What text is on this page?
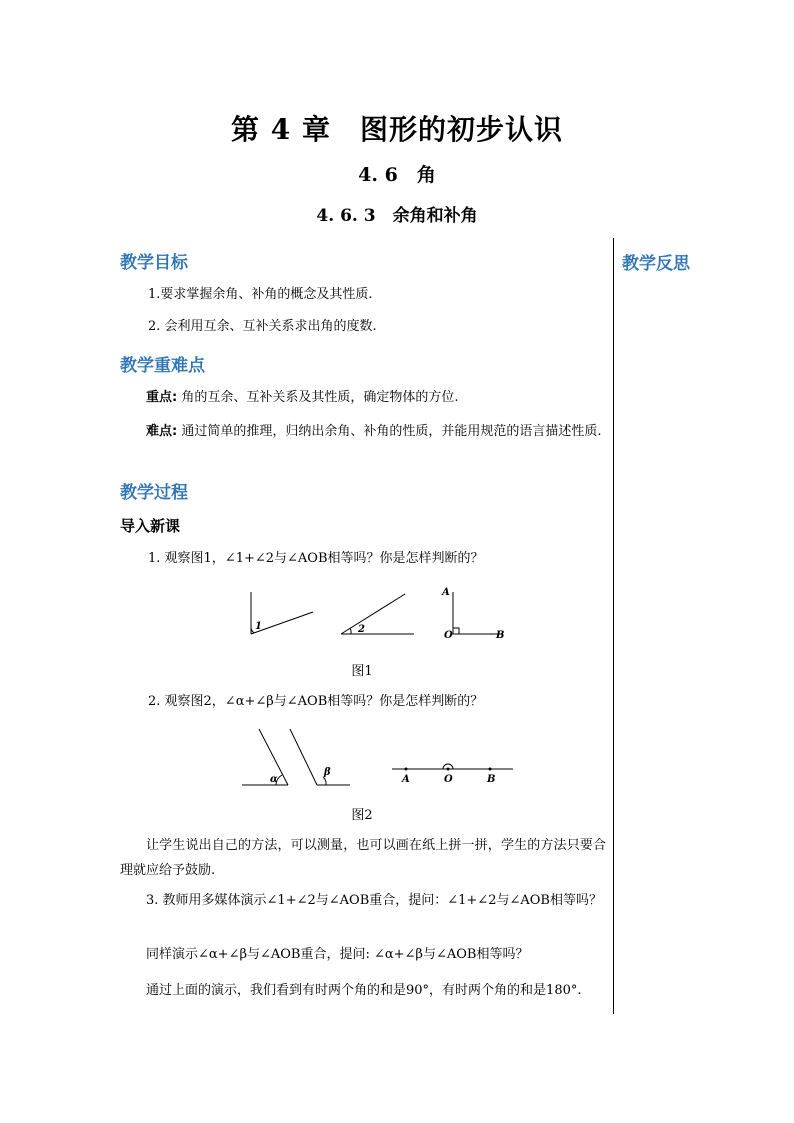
第 4 章　图形的初步认识
4. 6　角
4. 6. 3　余角和补角
教学反思
教学目标
1.要求掌握余角、补角的概念及其性质.
2. 会利用互余、互补关系求出角的度数.
教学重难点
重点: 角的互余、互补关系及其性质，确定物体的方位.
难点: 通过简单的推理，归纳出余角、补角的性质，并能用规范的语言描述性质.
教学过程
导入新课
1. 观察图1，∠1+∠2与∠AOB相等吗？你是怎样判断的？
1	2
A
O	B
图1
2. 观察图2，∠α+∠β与∠AOB相等吗？你是怎样判断的？
α
β
A	O	B
图2
让学生说出自己的方法，可以测量，也可以画在纸上拼一拼，学生的方法只要合理就应给予鼓励.
3. 教师用多媒体演示∠1+∠2与∠AOB重合，提问：∠1+∠2与∠AOB相等吗？
同样演示∠α+∠β与∠AOB重合，提问: ∠α+∠β与∠AOB相等吗？
通过上面的演示，我们看到有时两个角的和是90°，有时两个角的和是180°.
